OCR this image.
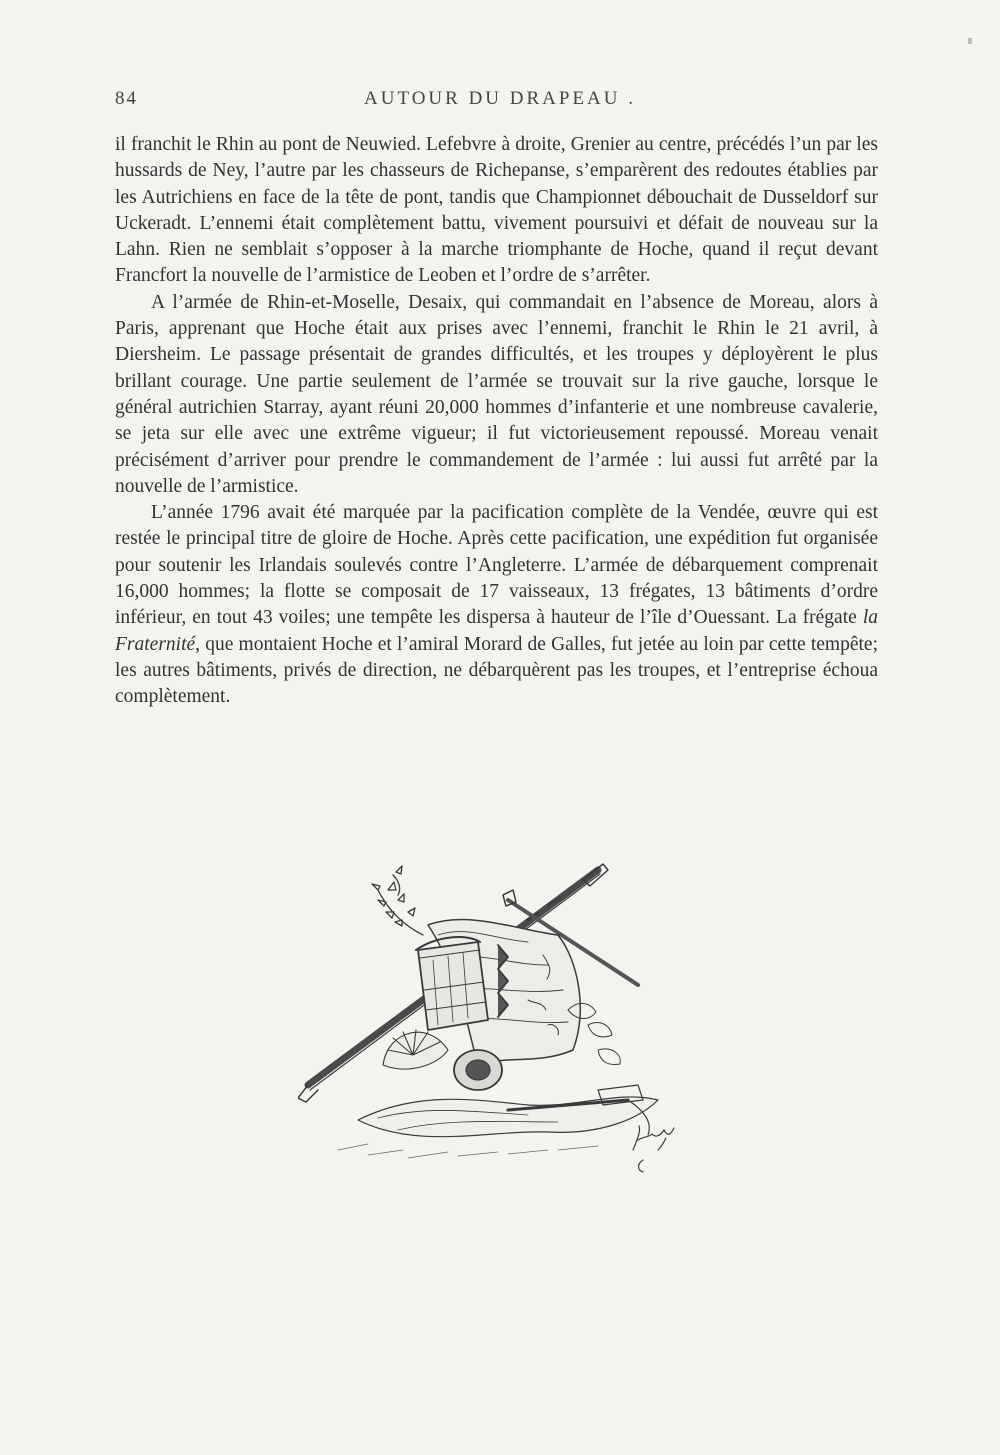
84	AUTOUR DU DRAPEAU .

il franchit le Rhin au pont de Neuwied. Lefebvre à droite, Grenier au centre, précédés l’un par les hussards de Ney, l’autre par les chasseurs de Richepanse, s’emparèrent des redoutes établies par les Autrichiens en face de la tête de pont, tandis que Championnet débouchait de Dusseldorf sur Uckeradt. L’ennemi était complètement battu, vivement poursuivi et défait de nouveau sur la Lahn. Rien ne semblait s’opposer à la marche triomphante de Hoche, quand il reçut devant Francfort la nouvelle de l’armistice de Leoben et l’ordre de s’arrêter.

A l’armée de Rhin-et-Moselle, Desaix, qui commandait en l’absence de Moreau, alors à Paris, apprenant que Hoche était aux prises avec l’ennemi, franchit le Rhin le 21 avril, à Diersheim. Le passage présentait de grandes difficultés, et les troupes y déployèrent le plus brillant courage. Une partie seulement de l’armée se trouvait sur la rive gauche, lorsque le général autrichien Starray, ayant réuni 20,000 hommes d’infanterie et une nombreuse cavalerie, se jeta sur elle avec une extrême vigueur; il fut victorieusement repoussé. Moreau venait précisément d’arriver pour prendre le commandement de l’armée : lui aussi fut arrêté par la nouvelle de l’armistice.

L’année 1796 avait été marquée par la pacification complète de la Vendée, œuvre qui est restée le principal titre de gloire de Hoche. Après cette pacification, une expédition fut organisée pour soutenir les Irlandais soulevés contre l’Angleterre. L’armée de débarquement comprenait 16,000 hommes; la flotte se composait de 17 vaisseaux, 13 frégates, 13 bâtiments d’ordre inférieur, en tout 43 voiles; une tempête les dispersa à hauteur de l’île d’Ouessant. La frégate la Fraternité, que montaient Hoche et l’amiral Morard de Galles, fut jetée au loin par cette tempête; les autres bâtiments, privés de direction, ne débarquèrent pas les troupes, et l’entreprise échoua complètement.
